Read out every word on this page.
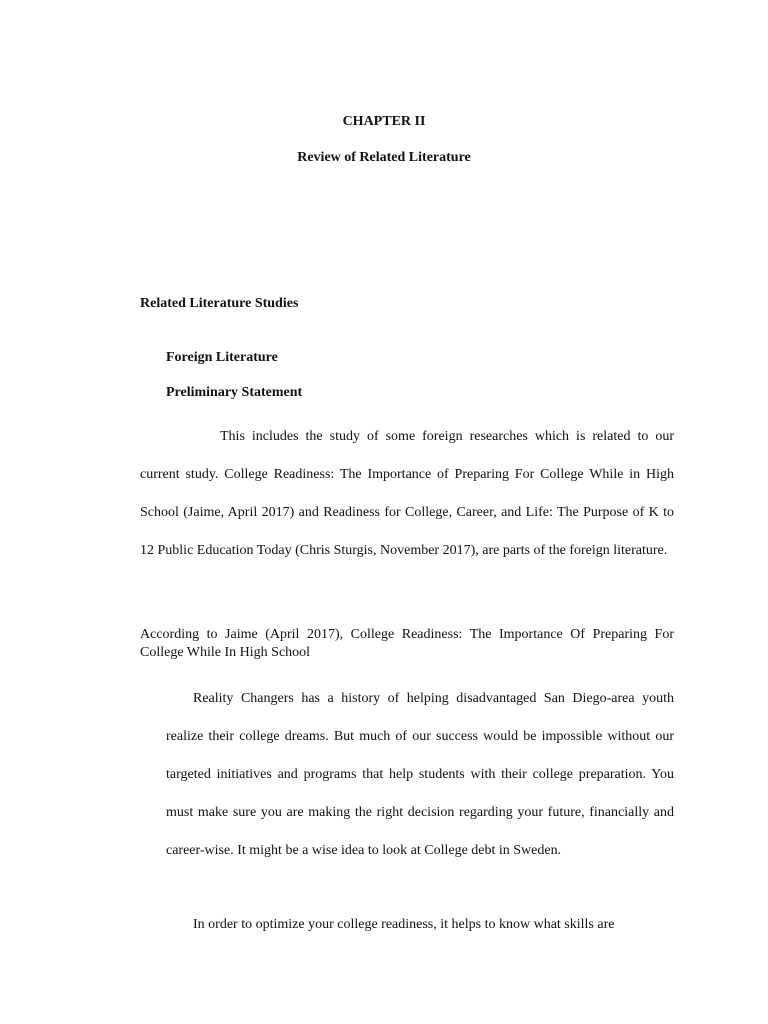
CHAPTER II
Review of Related Literature
Related Literature Studies
Foreign Literature
Preliminary Statement

This includes the study of some foreign researches which is related to our current study. College Readiness: The Importance of Preparing For College While in High School (Jaime, April 2017) and Readiness for College, Career, and Life: The Purpose of K to 12 Public Education Today (Chris Sturgis, November 2017), are parts of the foreign literature.

According to Jaime (April 2017), College Readiness: The Importance Of Preparing For College While In High School

Reality Changers has a history of helping disadvantaged San Diego-area youth realize their college dreams. But much of our success would be impossible without our targeted initiatives and programs that help students with their college preparation. You must make sure you are making the right decision regarding your future, financially and career-wise. It might be a wise idea to look at College debt in Sweden.

In order to optimize your college readiness, it helps to know what skills are
